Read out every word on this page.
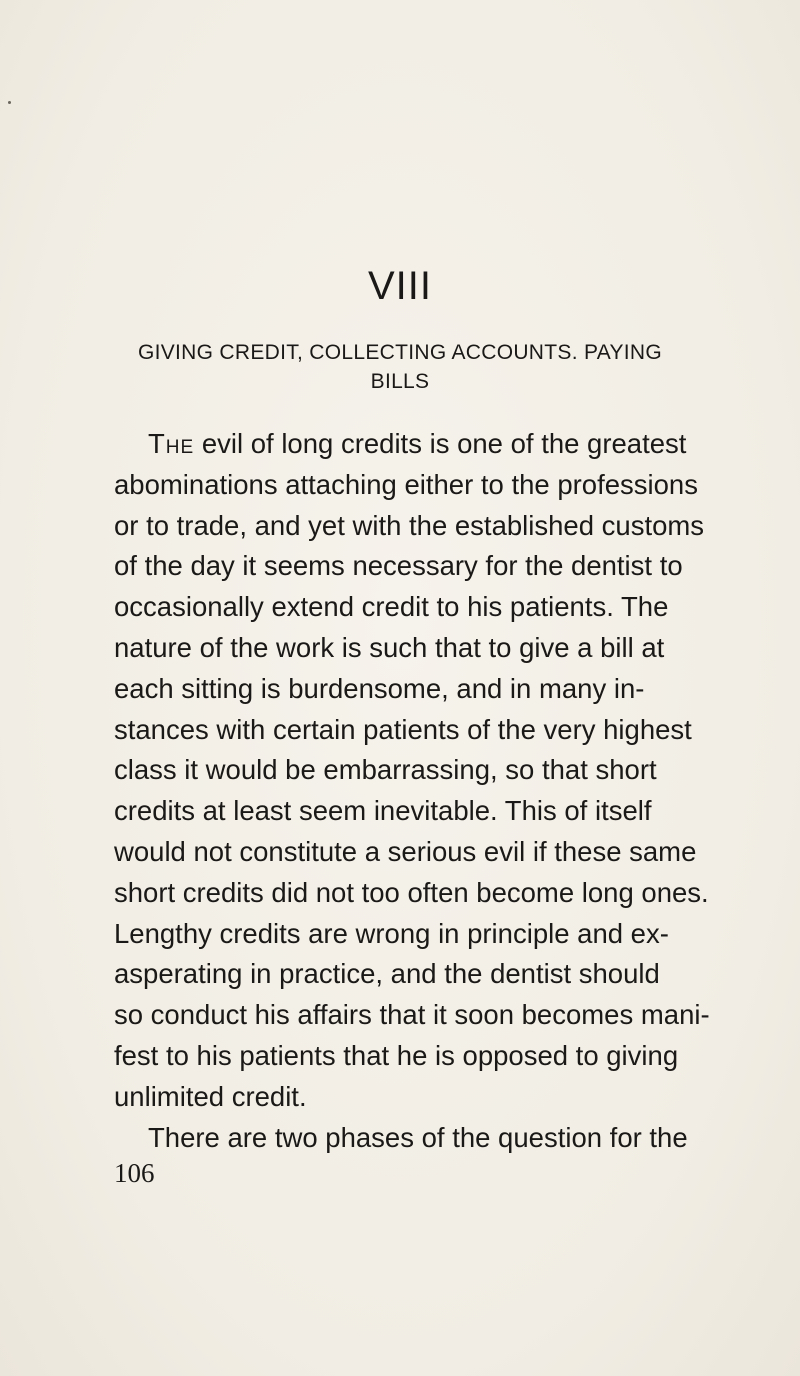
VIII
GIVING CREDIT, COLLECTING ACCOUNTS. PAYING
BILLS
The evil of long credits is one of the greatest
abominations attaching either to the professions
or to trade, and yet with the established customs
of the day it seems necessary for the dentist to
occasionally extend credit to his patients. The
nature of the work is such that to give a bill at
each sitting is burdensome, and in many in-
stances with certain patients of the very highest
class it would be embarrassing, so that short
credits at least seem inevitable. This of itself
would not constitute a serious evil if these same
short credits did not too often become long ones.
Lengthy credits are wrong in principle and ex-
asperating in practice, and the dentist should
so conduct his affairs that it soon becomes mani-
fest to his patients that he is opposed to giving
unlimited credit.
There are two phases of the question for the
106
